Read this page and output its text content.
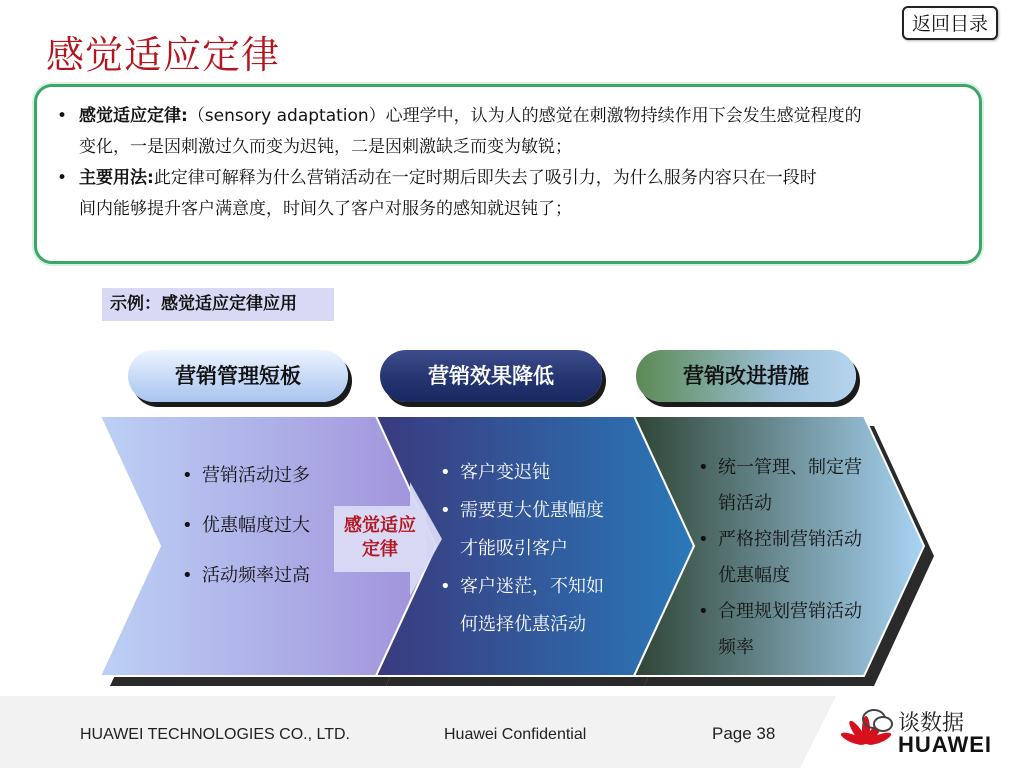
感觉适应定律
返回目录
• 感觉适应定律:（sensory adaptation）心理学中，认为人的感觉在刺激物持续作用下会发生感觉程度的
变化，一是因刺激过久而变为迟钝，二是因刺激缺乏而变为敏锐；
• 主要用法:此定律可解释为什么营销活动在一定时期后即失去了吸引力，为什么服务内容只在一段时
间内能够提升客户满意度，时间久了客户对服务的感知就迟钝了；
示例：感觉适应定律应用
营销管理短板	营销效果降低	营销改进措施
感觉适应
定律
• 营销活动过多
• 优惠幅度过大
• 活动频率过高
• 客户变迟钝
• 需要更大优惠幅度
才能吸引客户
• 客户迷茫，不知如
何选择优惠活动
• 统一管理、制定营
销活动
• 严格控制营销活动
优惠幅度
• 合理规划营销活动
频率
HUAWEI TECHNOLOGIES CO., LTD.	Huawei Confidential	Page 38	谈数据
HUAWEI
